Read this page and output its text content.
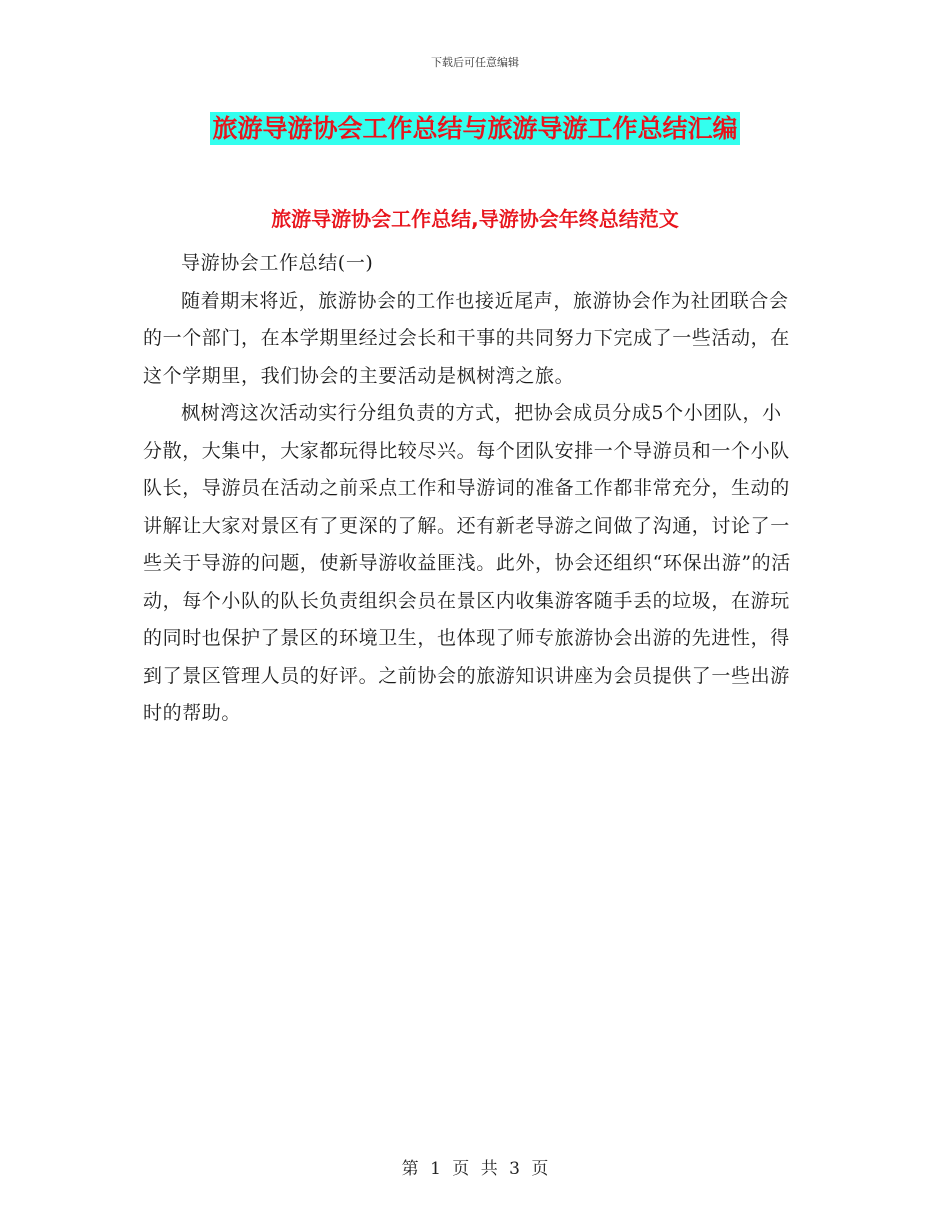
下载后可任意编辑
旅游导游协会工作总结与旅游导游工作总结汇编
旅游导游协会工作总结,导游协会年终总结范文

导游协会工作总结(一)

随着期末将近，旅游协会的工作也接近尾声，旅游协会作为社团联合会的一个部门，在本学期里经过会长和干事的共同努力下完成了一些活动，在这个学期里，我们协会的主要活动是枫树湾之旅。

枫树湾这次活动实行分组负责的方式，把协会成员分成5个小团队，小分散，大集中，大家都玩得比较尽兴。每个团队安排一个导游员和一个小队队长，导游员在活动之前采点工作和导游词的准备工作都非常充分，生动的讲解让大家对景区有了更深的了解。还有新老导游之间做了沟通，讨论了一些关于导游的问题，使新导游收益匪浅。此外，协会还组织“环保出游”的活动，每个小队的队长负责组织会员在景区内收集游客随手丢的垃圾，在游玩的同时也保护了景区的环境卫生，也体现了师专旅游协会出游的先进性，得到了景区管理人员的好评。之前协会的旅游知识讲座为会员提供了一些出游时的帮助。

第 1 页 共 3 页
